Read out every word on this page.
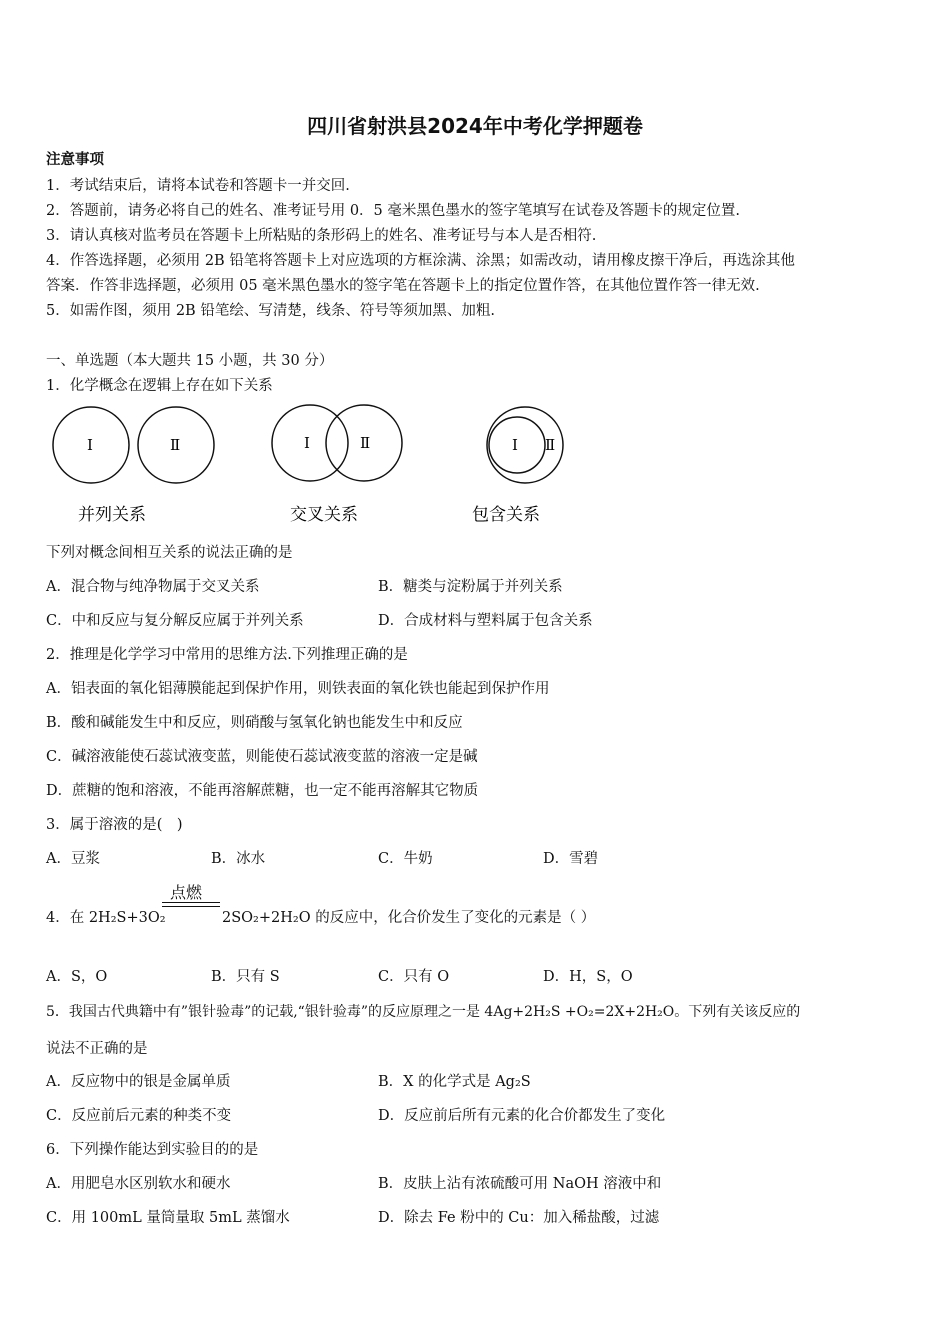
四川省射洪县2024年中考化学押题卷
注意事项
1．考试结束后，请将本试卷和答题卡一并交回.
2．答题前，请务必将自己的姓名、准考证号用 0．5 毫米黑色墨水的签字笔填写在试卷及答题卡的规定位置.
3．请认真核对监考员在答题卡上所粘贴的条形码上的姓名、准考证号与本人是否相符.
4．作答选择题，必须用 2B 铅笔将答题卡上对应选项的方框涂满、涂黑；如需改动，请用橡皮擦干净后，再选涂其他
答案．作答非选择题，必须用 05 毫米黑色墨水的签字笔在答题卡上的指定位置作答，在其他位置作答一律无效.
5．如需作图，须用 2B 铅笔绘、写清楚，线条、符号等须加黑、加粗.
一、单选题（本大题共 15 小题，共 30 分）
1．化学概念在逻辑上存在如下关系
Ⅰ	Ⅱ
并列关系
Ⅰ	Ⅱ
交叉关系
Ⅰ Ⅱ
包含关系
下列对概念间相互关系的说法正确的是
A．混合物与纯净物属于交叉关系	B．糖类与淀粉属于并列关系
C．中和反应与复分解反应属于并列关系	D．合成材料与塑料属于包含关系
2．推理是化学学习中常用的思维方法.下列推理正确的是
A．铝表面的氧化铝薄膜能起到保护作用，则铁表面的氧化铁也能起到保护作用
B．酸和碱能发生中和反应，则硝酸与氢氧化钠也能发生中和反应
C．碱溶液能使石蕊试液变蓝，则能使石蕊试液变蓝的溶液一定是碱
D．蔗糖的饱和溶液，不能再溶解蔗糖，也一定不能再溶解其它物质
3．属于溶液的是(　)
A．豆浆	B．冰水	C．牛奶	D．雪碧
4．在 2H₂S+3O₂
点燃
2SO₂+2H₂O 的反应中，化合价发生了变化的元素是（ ）
A．S，O	B．只有 S	C．只有 O	D．H，S，O
5．我国古代典籍中有”银针验毒”的记载,“银针验毒”的反应原理之一是 4Ag+2H₂S +O₂=2X+2H₂O。下列有关该反应的
说法不正确的是
A．反应物中的银是金属单质	B．X 的化学式是 Ag₂S
C．反应前后元素的种类不变	D．反应前后所有元素的化合价都发生了变化
6．下列操作能达到实验目的的是
A．用肥皂水区别软水和硬水	B．皮肤上沾有浓硫酸可用 NaOH 溶液中和
C．用 100mL 量筒量取 5mL 蒸馏水	D．除去 Fe 粉中的 Cu：加入稀盐酸，过滤
